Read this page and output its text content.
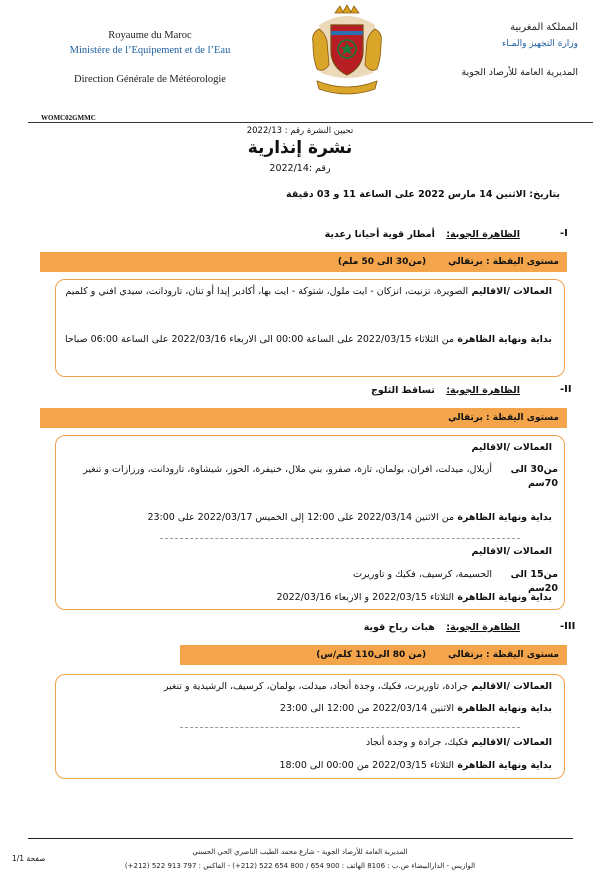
Royaume du Maroc
Ministère de l’Equipement et de l’Eau
Direction Générale de Météorologie
المملكة المغربية
وزارة التجهيز والمـاء
المديرية العامة للأرصاد الجوية
WOMC02GMMC
تحيين النشرة رقم : 2022/13
نشرة إنذارية
رقم :2022/14
بتاريخ: الاثنين 14 مارس 2022 على الساعة 11 و 03 دقيقة
-I
الظاهرة الجوية: أمطار قوية أحيانا رعدية
مستوى اليقظة : برتقالي
(من30 الى 50 ملم)
العمالات /الاقاليم الصويرة، تزنيت، انزكان - ايت ملول، شتوكة - ايت بها، أكادير إيدا أو تنان، تارودانت، سيدي افني و كلميم
بداية ونهاية الظاهرة من الثلاثاء 2022/03/15 على الساعة 00:00 الى الاربعاء 2022/03/16 على الساعة 06:00 صباحا
-II
الظاهرة الجوية: تساقط الثلوج
مستوى اليقظة : برتقالي
العمالات /الاقاليم
من30 الى 70سم
أزيلال، ميدلت، افران، بولمان، تازة، صفرو، بني ملال، خنيفرة، الحوز، شيشاوة، تارودانت، ورزازات و تنغير
بداية ونهاية الظاهرة من الاثنين 2022/03/14 على 12:00 إلى الخميس 2022/03/17 على 23:00
العمالات /الاقاليم
من15 الى 20سم
الحسيمة، كرسيف، فكيك و تاوريرت
بداية ونهاية الظاهرة الثلاثاء 2022/03/15 و الاربعاء 2022/03/16
-III
الظاهرة الجوية: هبات رياح قوية
مستوى اليقظة : برتقالي
(من 80 الى110 كلم/س)
العمالات /الاقاليم جرادة، تاوريرت، فكيك، وجدة أنجاد، ميدلت، بولمان، كرسيف، الرشيدية و تنغير
بداية ونهاية الظاهرة الاثنين 2022/03/14 من 12:00 الى 23:00
العمالات /الاقاليم فكيك، جرادة و وجدة أنجاد
بداية ونهاية الظاهرة الثلاثاء 2022/03/15 من 00:00 الى 18:00
المديرية العامة للأرصاد الجوية - شارع محمد الطيب الناصري الحي الحسني
الوازيس - الدارالبيضاء ص.ب : 8106 الهاتف : 900 654 / 800 654 522 (212+) - الفاكس : 797 913 522 (212+)
صفحة 1/1
